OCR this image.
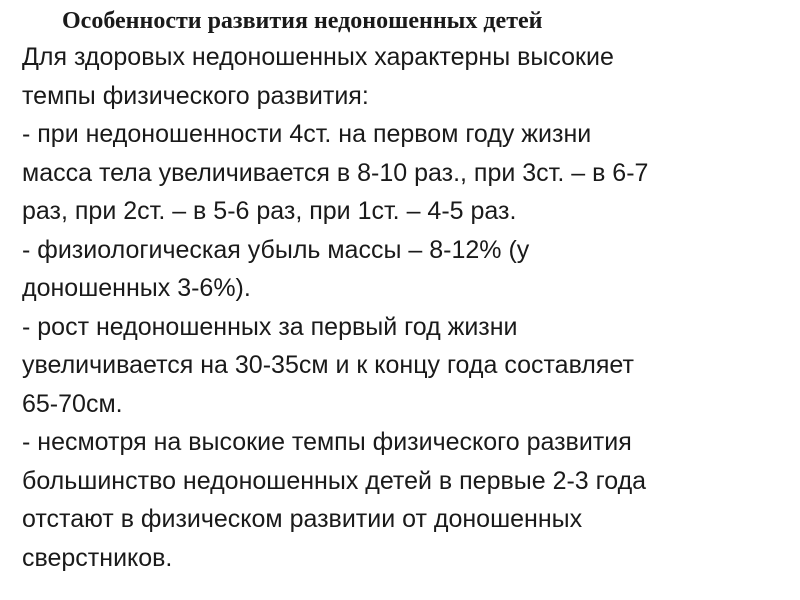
Особенности развития недоношенных детей
Для здоровых недоношенных характерны высокие
темпы физического развития:
- при недоношенности 4ст. на первом году жизни
масса тела увеличивается в 8-10 раз., при 3ст. – в 6-7
раз, при 2ст. – в 5-6 раз, при 1ст. – 4-5 раз.
- физиологическая убыль массы – 8-12% (у
доношенных 3-6%).
- рост недоношенных за первый год жизни
увеличивается на 30-35см и к концу года составляет
65-70см.
- несмотря на высокие темпы физического развития
большинство недоношенных детей в первые 2-3 года
отстают в физическом развитии от доношенных
сверстников.
